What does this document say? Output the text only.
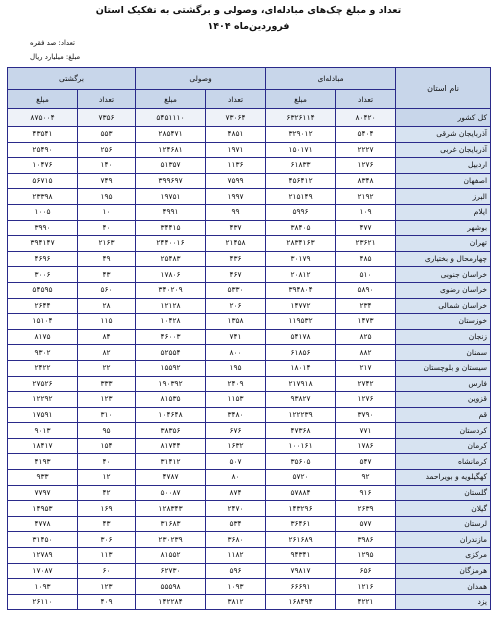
تعداد و مبلغ چک‌های مبادله‌ای، وصولی و برگشتی به تفکیک استان
فروردین‌ماه ۱۴۰۴
تعداد: صد فقره
مبلغ: میلیارد ریال
نام استان	مبادله‌ای		وصولی		برگشتی	
	تعداد	مبلغ	تعداد	مبلغ	تعداد	مبلغ
کل کشور	۸۰۴۲۰	۶۳۲۶۱۱۴	۷۳۰۶۴	۵۴۵۱۱۱۰	۷۳۵۶	۸۷۵۰۰۴
آذربایجان شرقی	۵۴۰۴	۳۲۹۰۱۲	۴۸۵۱	۲۸۵۴۷۱	۵۵۳	۴۳۵۴۱
آذربایجان غربی	۲۲۲۷	۱۵۰۱۷۱	۱۹۷۱	۱۲۴۶۸۱	۲۵۶	۲۵۴۹۰
اردبیل	۱۲۷۶	۶۱۸۳۳	۱۱۳۶	۵۱۳۵۷	۱۴۰	۱۰۴۷۶
اصفهان	۸۳۴۸	۴۵۶۴۱۲	۷۵۹۹	۳۹۹۶۹۷	۷۴۹	۵۶۷۱۵
البرز	۲۱۹۲	۲۱۵۱۴۹	۱۹۹۷	۱۹۷۵۱	۱۹۵	۲۳۳۹۸
ایلام	۱۰۹	۵۹۹۶	۹۹	۴۹۹۱	۱۰	۱۰۰۵
بوشهر	۴۷۷	۳۸۴۰۵	۴۳۷	۳۴۴۱۵	۴۰	۳۹۹۰
تهران	۲۳۶۲۱	۲۸۳۴۱۶۳	۲۱۴۵۸	۲۴۴۰۰۱۶	۲۱۶۳	۳۹۴۱۴۷
چهارمحال و بختیاری	۴۸۵	۳۰۱۷۹	۴۳۶	۲۵۴۸۳	۴۹	۴۶۹۶
خراسان جنوبی	۵۱۰	۲۰۸۱۲	۴۶۷	۱۷۸۰۶	۴۳	۳۰۰۶
خراسان رضوی	۵۸۹۰	۳۹۴۸۰۴	۵۳۳۰	۳۴۰۲۰۹	۵۶۰	۵۴۵۹۵
خراسان شمالی	۲۳۴	۱۴۷۷۲	۲۰۶	۱۲۱۲۸	۲۸	۲۶۴۴
خوزستان	۱۴۷۳	۱۱۹۵۳۲	۱۳۵۸	۱۰۴۲۸	۱۱۵	۱۵۱۰۴
زنجان	۸۲۵	۵۴۱۷۸	۷۴۱	۴۶۰۰۳	۸۴	۸۱۷۵
سمنان	۸۸۲	۶۱۸۵۶	۸۰۰	۵۲۵۵۴	۸۲	۹۳۰۲
سیستان و بلوچستان	۲۱۷	۱۸۰۱۴	۱۹۵	۱۵۵۹۲	۲۲	۲۴۲۲
فارس	۲۷۴۲	۲۱۷۹۱۸	۲۴۰۹	۱۹۰۳۹۲	۳۳۳	۲۷۵۲۶
قزوین	۱۲۷۶	۹۳۸۲۷	۱۱۵۳	۸۱۵۳۵	۱۲۳	۱۲۲۹۲
قم	۳۷۹۰	۱۲۲۲۳۹	۳۴۸۰	۱۰۴۶۴۸	۳۱۰	۱۷۵۹۱
کردستان	۷۷۱	۴۷۳۶۸	۶۷۶	۳۸۳۵۶	۹۵	۹۰۱۳
کرمان	۱۷۸۶	۱۰۰۱۶۱	۱۶۳۲	۸۱۷۴۴	۱۵۴	۱۸۴۱۷
کرمانشاه	۵۴۷	۳۵۶۰۵	۵۰۷	۳۱۴۱۲	۴۰	۴۱۹۳
کهگیلویه و بویراحمد	۹۲	۵۷۲۰	۸۰	۴۷۸۷	۱۲	۹۳۳
گلستان	۹۱۶	۵۷۸۸۴	۸۷۴	۵۰۰۸۷	۴۲	۷۷۹۷
گیلان	۲۶۳۹	۱۴۳۲۹۶	۲۴۷۰	۱۲۸۳۴۳	۱۶۹	۱۴۹۵۳
لرستان	۵۷۷	۳۶۴۶۱	۵۳۴	۳۱۶۸۳	۴۳	۴۷۷۸
مازندران	۳۹۸۶	۲۶۱۶۸۹	۳۶۸۰	۲۳۰۲۳۹	۳۰۶	۳۱۴۵۰
مرکزی	۱۲۹۵	۹۴۳۴۱	۱۱۸۲	۸۱۵۵۲	۱۱۳	۱۲۷۸۹
هرمزگان	۶۵۶	۷۹۸۱۷	۵۹۶	۶۲۷۳۰	۶۰	۱۷۰۸۷
همدان	۱۲۱۶	۶۶۶۹۱	۱۰۹۳	۵۵۵۹۸	۱۲۳	۱۰۹۳
یزد	۴۲۲۱	۱۶۸۴۹۴	۳۸۱۲	۱۴۲۲۸۴	۴۰۹	۲۶۱۱۰
